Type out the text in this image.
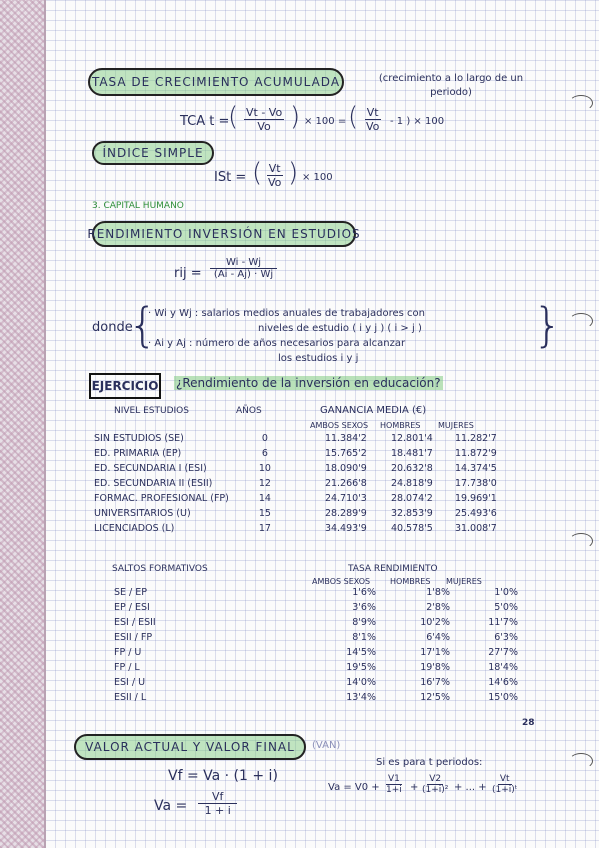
TASA DE CRECIMIENTO ACUMULADA	(crecimiento a lo largo de un periodo)
TCA t =
( $\frac{Vt - Vo}{Vo}$ ) × 100 = ( $\frac{Vt}{Vo} - 1$ ) × 100
ÍNDICE SIMPLE
ISt = ( $\frac{Vt}{Vo}$ ) × 100
3. CAPITAL HUMANO
RENDIMIENTO INVERSIÓN EN ESTUDIOS
rij = $\frac{Wi - Wj}{(Ai - Aj) \cdot Wj}$
donde
{	}
· Wi y Wj : salarios medios anuales de trabajadores con
niveles de estudio ( i y j ) ( i > j )
· Ai y Aj : número de años necesarios para alcanzar
los estudios i y j
EJERCICIO ¿Rendimiento de la inversión en educación?
NIVEL ESTUDIOS	AÑOS	GANANCIA MEDIA (€)
AMBOS SEXOS HOMBRES MUJERES
SIN ESTUDIOS (SE)	0	11.384'2	12.801'4	11.282'7
ED. PRIMARIA (EP)	6	15.765'2	18.481'7	11.872'9
ED. SECUNDARIA I (ESI)	10	18.090'9	20.632'8	14.374'5
ED. SECUNDARIA II (ESII)	12	21.266'8	24.818'9	17.738'0
FORMAC. PROFESIONAL (FP)	14	24.710'3	28.074'2	19.969'1
UNIVERSITARIOS (U)	15	28.289'9	32.853'9	25.493'6
LICENCIADOS (L)	17	34.493'9	40.578'5	31.008'7
SALTOS FORMATIVOS	TASA RENDIMIENTO
AMBOS SEXOS HOMBRES MUJERES
SE / EP	1'6%	1'8%	1'0%
EP / ESI	3'6%	2'8%	5'0%
ESI / ESII	8'9%	10'2%	11'7%
ESII / FP	8'1%	6'4%	6'3%
FP / U	14'5%	17'1%	27'7%
FP / L	19'5%	19'8%	18'4%
ESI / U	14'0%	16'7%	14'6%
ESII / L	13'4%	12'5%	15'0%
28
VALOR ACTUAL Y VALOR FINAL	(VAN)
Vf = Va · (1 + i)
$Va = \frac{Vf}{1 + i}$
Si es para t periodos:
$Va = V0 + \frac{V1}{1+i} + \frac{V2}{\text{(1+i)²}}$ + ... + $\frac{Vt}{\text{(1+i)ᵗ}}$
